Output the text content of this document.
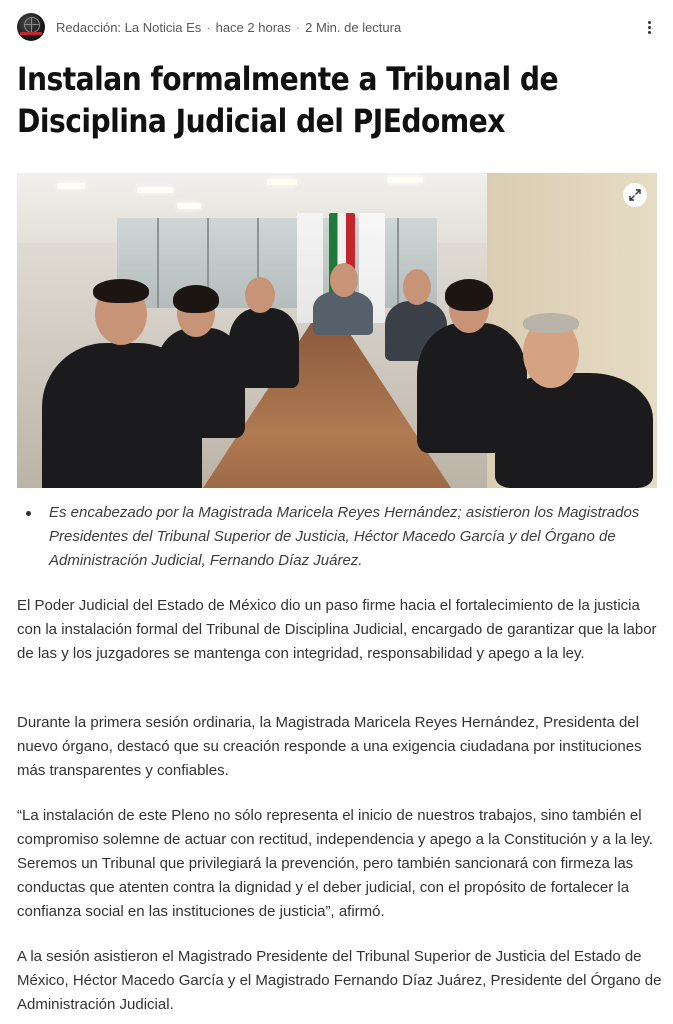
Redacción: La Noticia Es · hace 2 horas · 2 Min. de lectura
Instalan formalmente a Tribunal de Disciplina Judicial del PJEdomex
Es encabezado por la Magistrada Maricela Reyes Hernández; asistieron los Magistrados Presidentes del Tribunal Superior de Justicia, Héctor Macedo García y del Órgano de Administración Judicial, Fernando Díaz Juárez.

El Poder Judicial del Estado de México dio un paso firme hacia el fortalecimiento de la justicia con la instalación formal del Tribunal de Disciplina Judicial, encargado de garantizar que la labor de las y los juzgadores se mantenga con integridad, responsabilidad y apego a la ley.

Durante la primera sesión ordinaria, la Magistrada Maricela Reyes Hernández, Presidenta del nuevo órgano, destacó que su creación responde a una exigencia ciudadana por instituciones más transparentes y confiables.

“La instalación de este Pleno no sólo representa el inicio de nuestros trabajos, sino también el compromiso solemne de actuar con rectitud, independencia y apego a la Constitución y a la ley. Seremos un Tribunal que privilegiará la prevención, pero también sancionará con firmeza las conductas que atenten contra la dignidad y el deber judicial, con el propósito de fortalecer la confianza social en las instituciones de justicia”, afirmó.

A la sesión asistieron el Magistrado Presidente del Tribunal Superior de Justicia del Estado de México, Héctor Macedo García y el Magistrado Fernando Díaz Juárez, Presidente del Órgano de Administración Judicial.
